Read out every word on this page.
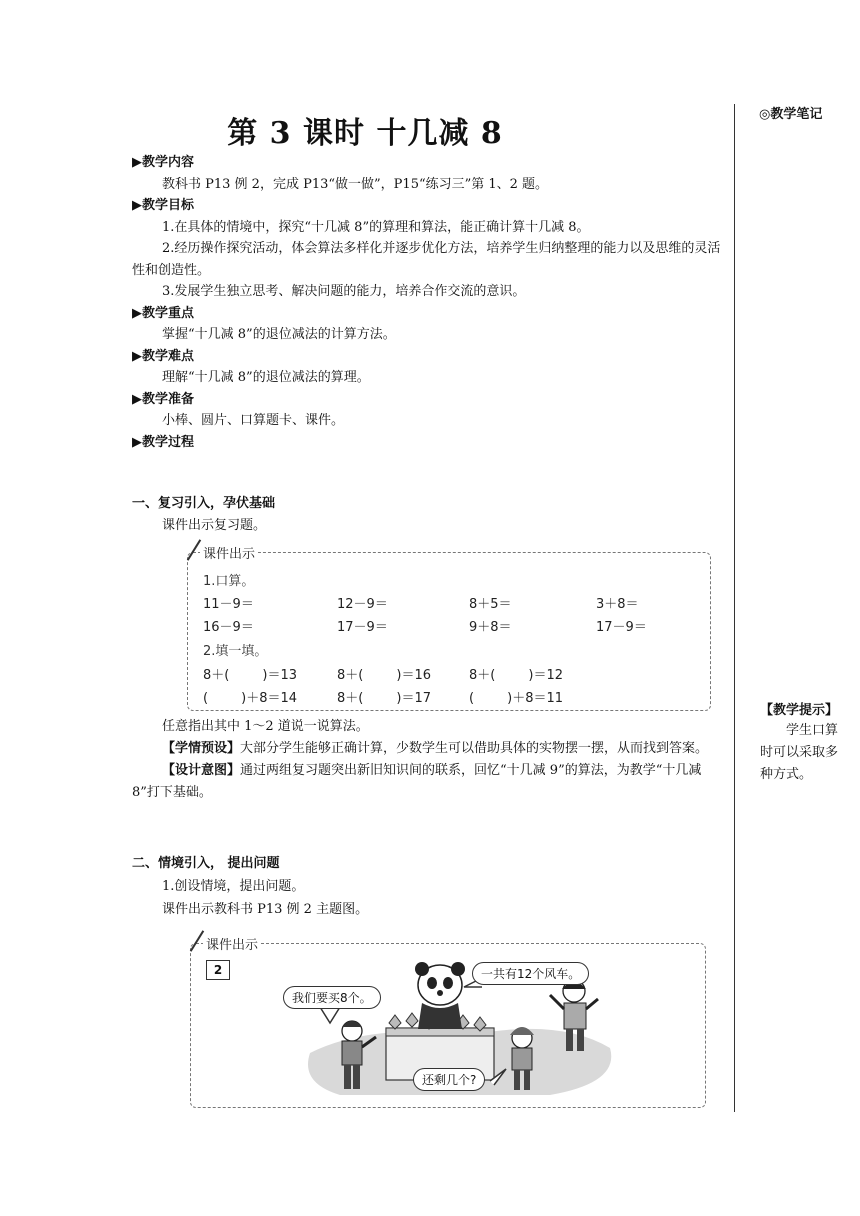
第 3 课时 十几减 8
◎教学笔记
【教学提示】
学生口算时可以采取多种方式。

▶教学内容

教科书 P13 例 2，完成 P13“做一做”，P15“练习三”第 1、2 题。

▶教学目标

1.在具体的情境中，探究“十几减 8”的算理和算法，能正确计算十几减 8。

2.经历操作探究活动，体会算法多样化并逐步优化方法，培养学生归纳整理的能力以及思维的灵活性和创造性。

3.发展学生独立思考、解决问题的能力，培养合作交流的意识。

▶教学重点

掌握“十几减 8”的退位减法的计算方法。

▶教学难点

理解“十几减 8”的退位减法的算理。

▶教学准备

小棒、圆片、口算题卡、课件。

▶教学过程

一、复习引入，孕伏基础
课件出示复习题。
课件出示
1.口算。
11－9＝	12－9＝	8＋5＝	3＋8＝
16－9＝	17－9＝	9＋8＝	17－9＝
2.填一填。
8＋(        )＝13	8＋(        )＝16	8＋(        )＝12
(        )＋8＝14	8＋(        )＝17	(        )＋8＝11

任意指出其中 1～2 道说一说算法。

【学情预设】大部分学生能够正确计算，少数学生可以借助具体的实物摆一摆，从而找到答案。

【设计意图】通过两组复习题突出新旧知识间的联系，回忆“十几减 9”的算法，为教学“十几减 8”打下基础。

二、情境引入， 提出问题
1.创设情境，提出问题。
课件出示教科书 P13 例 2 主题图。
课件出示
2
我们要买8个。
一共有12个风车。
还剩几个?
